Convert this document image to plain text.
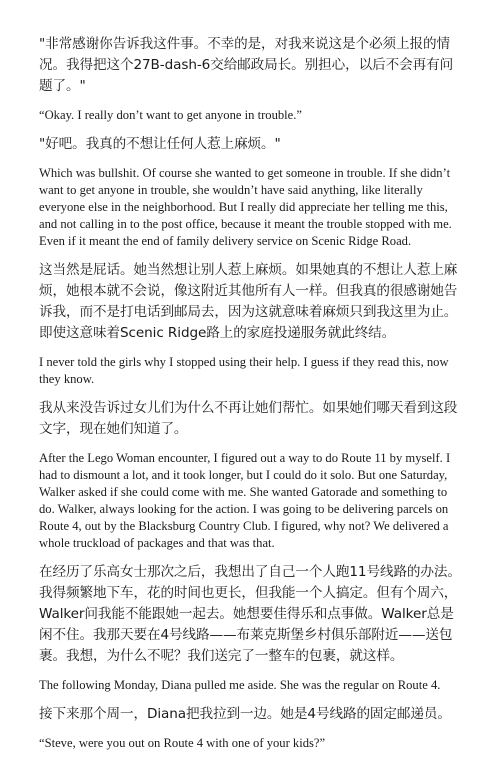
"非常感谢你告诉我这件事。不幸的是，对我来说这是个必须上报的情况。我得把这个27B-dash-6交给邮政局长。别担心，以后不会再有问题了。"

“Okay. I really don’t want to get anyone in trouble.”

"好吧。我真的不想让任何人惹上麻烦。"

Which was bullshit. Of course she wanted to get someone in trouble. If she didn’t want to get anyone in trouble, she wouldn’t have said anything, like literally everyone else in the neighborhood. But I really did appreciate her telling me this, and not calling in to the post office, because it meant the trouble stopped with me. Even if it meant the end of family delivery service on Scenic Ridge Road.

这当然是屁话。她当然想让别人惹上麻烦。如果她真的不想让人惹上麻烦，她根本就不会说，像这附近其他所有人一样。但我真的很感谢她告诉我，而不是打电话到邮局去，因为这就意味着麻烦只到我这里为止。即使这意味着Scenic Ridge路上的家庭投递服务就此终结。

I never told the girls why I stopped using their help. I guess if they read this, now they know.

我从来没告诉过女儿们为什么不再让她们帮忙。如果她们哪天看到这段文字，现在她们知道了。

After the Lego Woman encounter, I figured out a way to do Route 11 by myself. I had to dismount a lot, and it took longer, but I could do it solo. But one Saturday, Walker asked if she could come with me. She wanted Gatorade and something to do. Walker, always looking for the action. I was going to be delivering parcels on Route 4, out by the Blacksburg Country Club. I figured, why not? We delivered a whole truckload of packages and that was that.

在经历了乐高女士那次之后，我想出了自己一个人跑11号线路的办法。我得频繁地下车，花的时间也更长，但我能一个人搞定。但有个周六，Walker问我能不能跟她一起去。她想要佳得乐和点事做。Walker总是闲不住。我那天要在4号线路——布莱克斯堡乡村俱乐部附近——送包裹。我想，为什么不呢？我们送完了一整车的包裹，就这样。

The following Monday, Diana pulled me aside. She was the regular on Route 4.

接下来那个周一，Diana把我拉到一边。她是4号线路的固定邮递员。

“Steve, were you out on Route 4 with one of your kids?”
